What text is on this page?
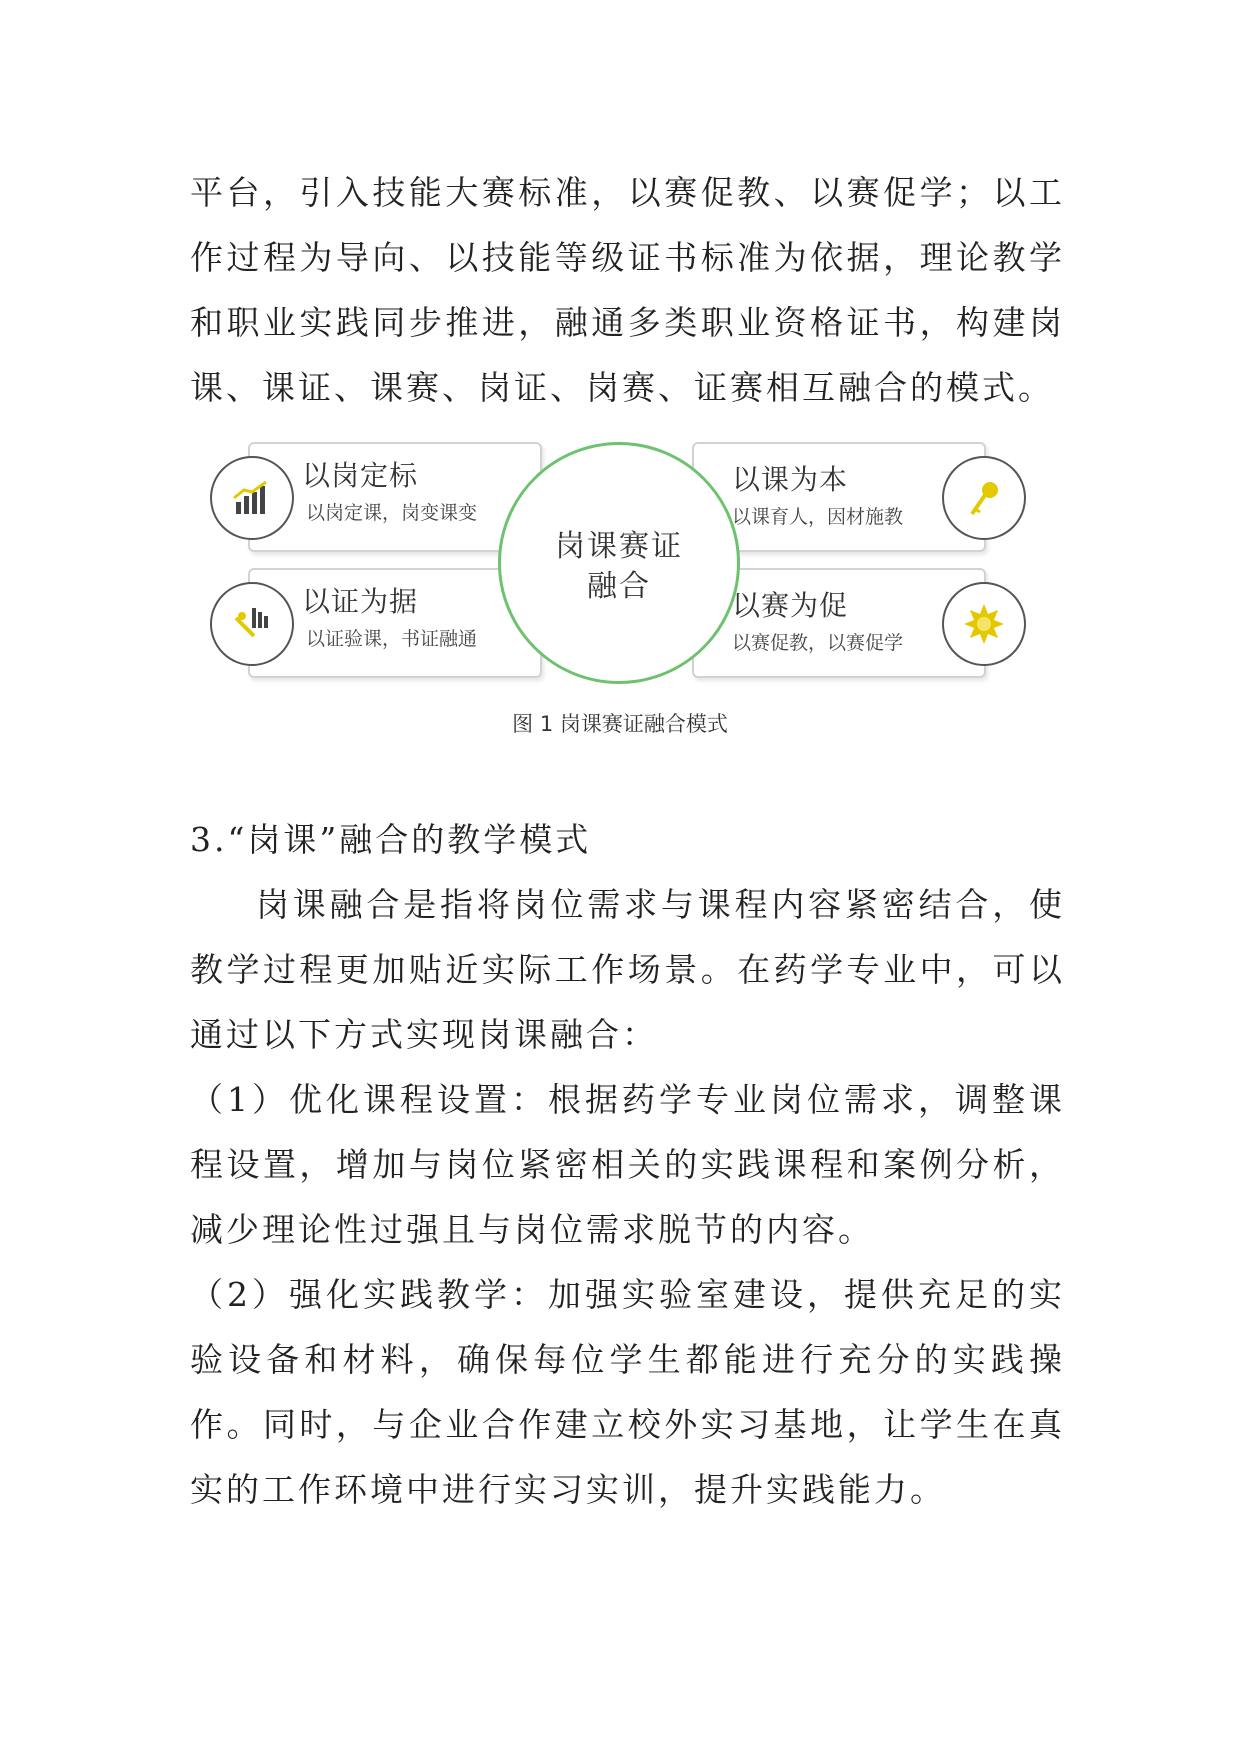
平台，引入技能大赛标准，以赛促教、以赛促学；以工作过程为导向、以技能等级证书标准为依据，理论教学和职业实践同步推进，融通多类职业资格证书，构建岗课、课证、课赛、岗证、岗赛、证赛相互融合的模式。

以岗定标
以岗定课，岗变课变
以课为本
以课育人，因材施教
以证为据
以证验课，书证融通
以赛为促
以赛促教，以赛促学
岗课赛证
融合
图 1 岗课赛证融合模式

3.“岗课”融合的教学模式

岗课融合是指将岗位需求与课程内容紧密结合，使教学过程更加贴近实际工作场景。在药学专业中，可以通过以下方式实现岗课融合：

（1）优化课程设置：根据药学专业岗位需求，调整课程设置，增加与岗位紧密相关的实践课程和案例分析，减少理论性过强且与岗位需求脱节的内容。

（2）强化实践教学：加强实验室建设，提供充足的实验设备和材料，确保每位学生都能进行充分的实践操作。同时，与企业合作建立校外实习基地，让学生在真实的工作环境中进行实习实训，提升实践能力。
